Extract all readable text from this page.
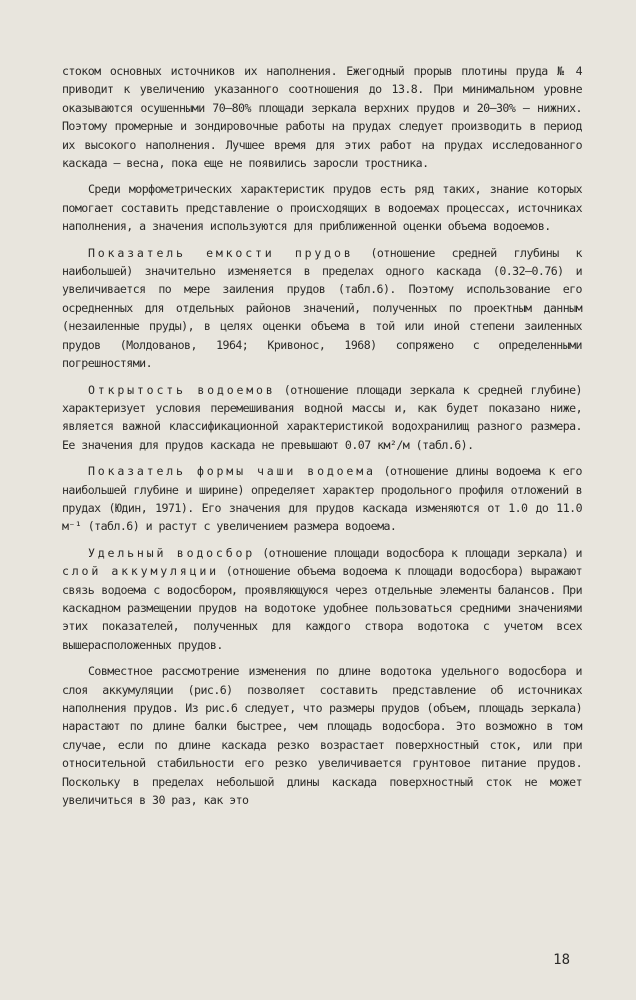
стоком основных источников их наполнения. Ежегодный прорыв плотины пруда № 4 приводит к увеличению указанного соотношения до 13.8. При минимальном уровне оказываются осушенными 70–80% площади зеркала верхних прудов и 20–30% – нижних. Поэтому промерные и зондировочные работы на прудах следует производить в период их высокого наполнения. Лучшее время для этих работ на прудах исследованного каскада – весна, пока еще не появились заросли тростника.

Среди морфометрических характеристик прудов есть ряд таких, знание которых помогает составить представление о происходящих в водоемах процессах, источниках наполнения, а значения используются для приближенной оценки объема водоемов.

Показатель емкости прудов (отношение средней глубины к наибольшей) значительно изменяется в пределах одного каскада (0.32–0.76) и увеличивается по мере заиления прудов (табл.6). Поэтому использование его осредненных для отдельных районов значений, полученных по проектным данным (незаиленные пруды), в целях оценки объема в той или иной степени заиленных прудов (Молдованов, 1964; Кривонос, 1968) сопряжено с определенными погрешностями.

Открытость водоемов (отношение площади зеркала к средней глубине) характеризует условия перемешивания водной массы и, как будет показано ниже, является важной классификационной характеристикой водохранилищ разного размера. Ее значения для прудов каскада не превышают 0.07 км²/м (табл.6).

Показатель формы чаши водоема (отношение длины водоема к его наибольшей глубине и ширине) определяет характер продольного профиля отложений в прудах (Юдин, 1971). Его значения для прудов каскада изменяются от 1.0 до 11.0 м⁻¹ (табл.6) и растут с увеличением размера водоема.

Удельный водосбор (отношение площади водосбора к площади зеркала) и слой аккумуляции (отношение объема водоема к площади водосбора) выражают связь водоема с водосбором, проявляющуюся через отдельные элементы балансов. При каскадном размещении прудов на водотоке удобнее пользоваться средними значениями этих показателей, полученных для каждого створа водотока с учетом всех вышерасположенных прудов.

Совместное рассмотрение изменения по длине водотока удельного водосбора и слоя аккумуляции (рис.6) позволяет составить представление об источниках наполнения прудов. Из рис.6 следует, что размеры прудов (объем, площадь зеркала) нарастают по длине балки быстрее, чем площадь водосбора. Это возможно в том случае, если по длине каскада резко возрастает поверхностный сток, или при относительной стабильности его резко увеличивается грунтовое питание прудов. Поскольку в пределах небольшой длины каскада поверхностный сток не может увеличиться в 30 раз, как это

18
